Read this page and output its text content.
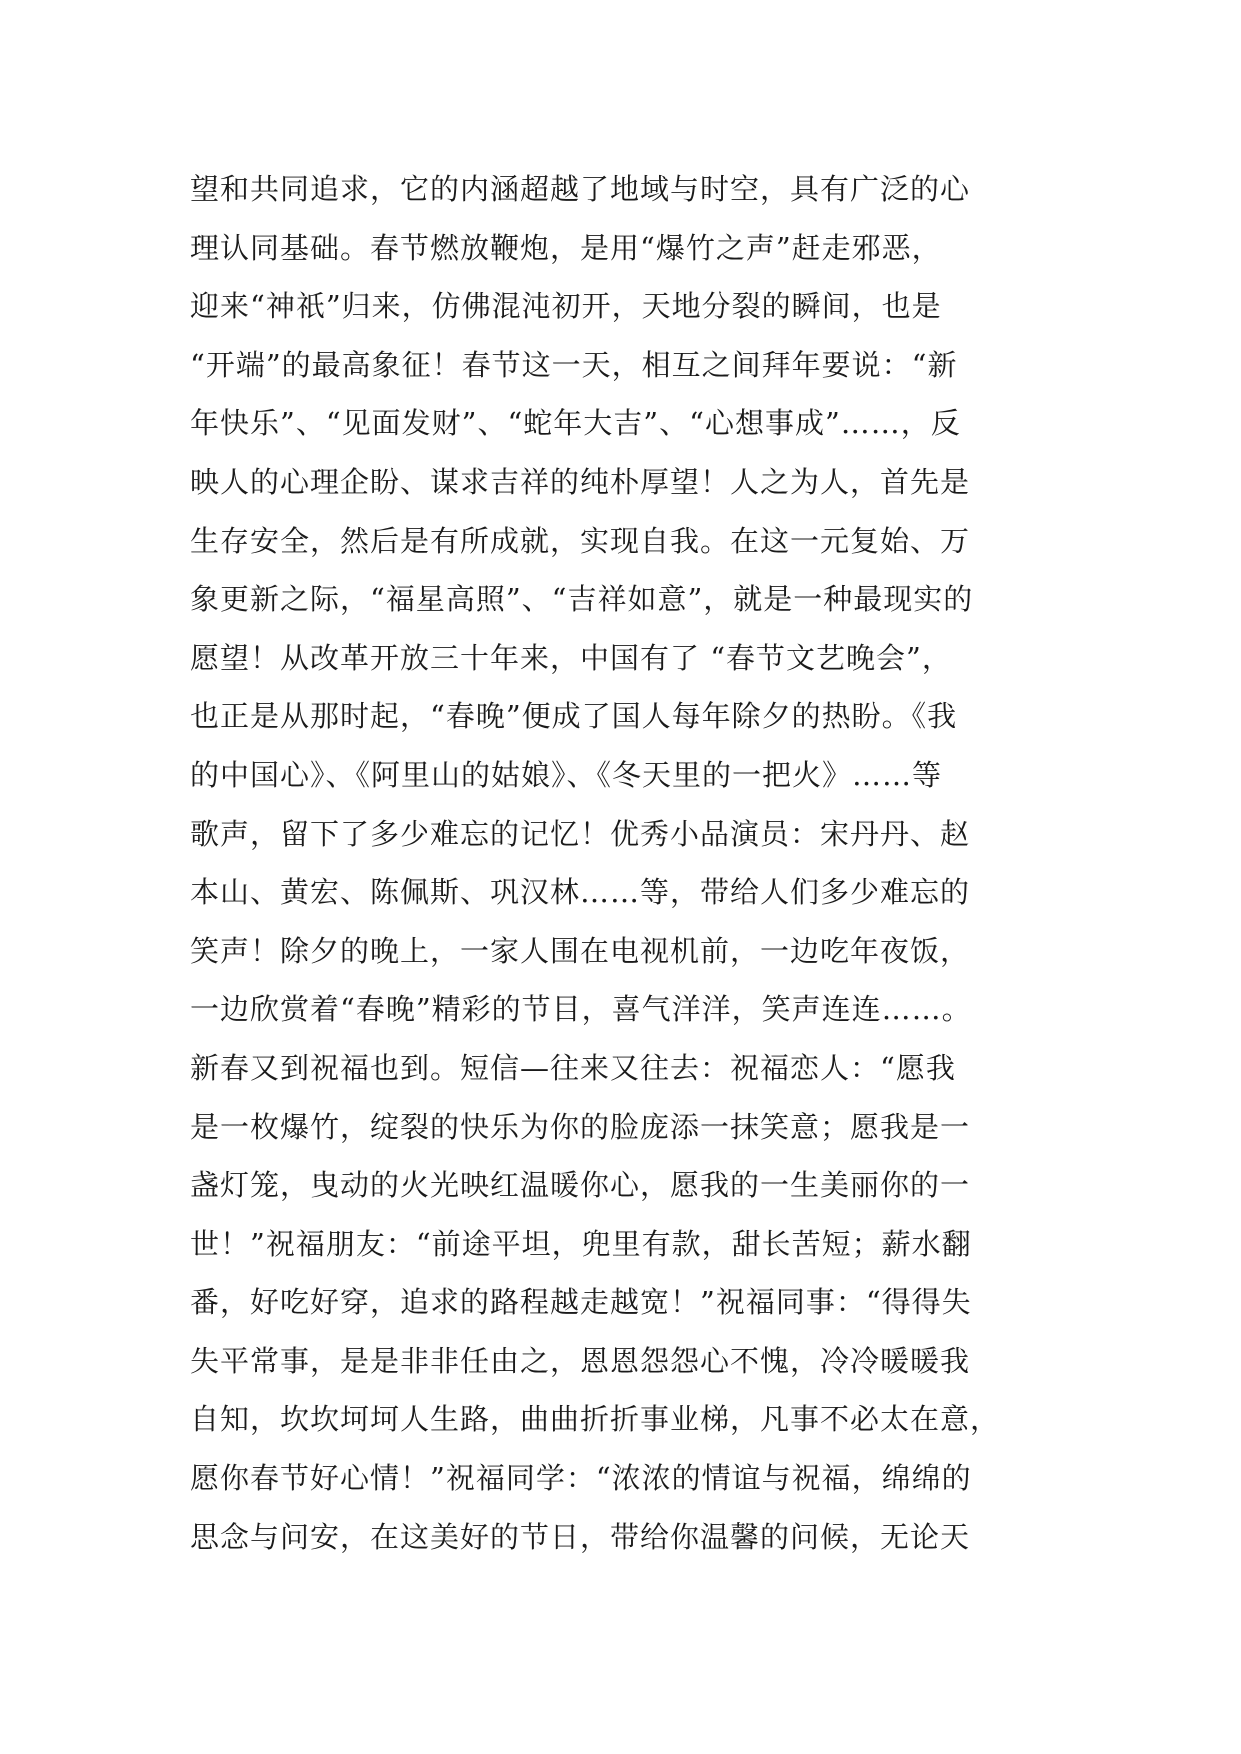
望和共同追求，它的内涵超越了地域与时空，具有广泛的心
理认同基础。春节燃放鞭炮，是用“爆竹之声”赶走邪恶，
迎来“神祇”归来，仿佛混沌初开，天地分裂的瞬间，也是
“开端”的最高象征！春节这一天，相互之间拜年要说：“新
年快乐”、“见面发财”、“蛇年大吉”、“心想事成”……，反
映人的心理企盼、谋求吉祥的纯朴厚望！人之为人，首先是
生存安全，然后是有所成就，实现自我。在这一元复始、万
象更新之际，“福星高照”、“吉祥如意”，就是一种最现实的
愿望！从改革开放三十年来，中国有了 “春节文艺晚会”，
也正是从那时起，“春晚”便成了国人每年除夕的热盼。《我
的中国心》、《阿里山的姑娘》、《冬天里的一把火》……等
歌声，留下了多少难忘的记忆！优秀小品演员：宋丹丹、赵
本山、黄宏、陈佩斯、巩汉林……等，带给人们多少难忘的
笑声！除夕的晚上，一家人围在电视机前，一边吃年夜饭，
一边欣赏着“春晚”精彩的节目，喜气洋洋，笑声连连……。
新春又到祝福也到。短信—往来又往去：祝福恋人：“愿我
是一枚爆竹，绽裂的快乐为你的脸庞添一抹笑意；愿我是一
盏灯笼，曳动的火光映红温暖你心，愿我的一生美丽你的一
世！”祝福朋友：“前途平坦，兜里有款，甜长苦短；薪水翻
番，好吃好穿，追求的路程越走越宽！”祝福同事：“得得失
失平常事，是是非非任由之，恩恩怨怨心不愧，冷冷暖暖我
自知，坎坎坷坷人生路，曲曲折折事业梯，凡事不必太在意，
愿你春节好心情！”祝福同学：“浓浓的情谊与祝福，绵绵的
思念与问安，在这美好的节日，带给你温馨的问候，无论天
